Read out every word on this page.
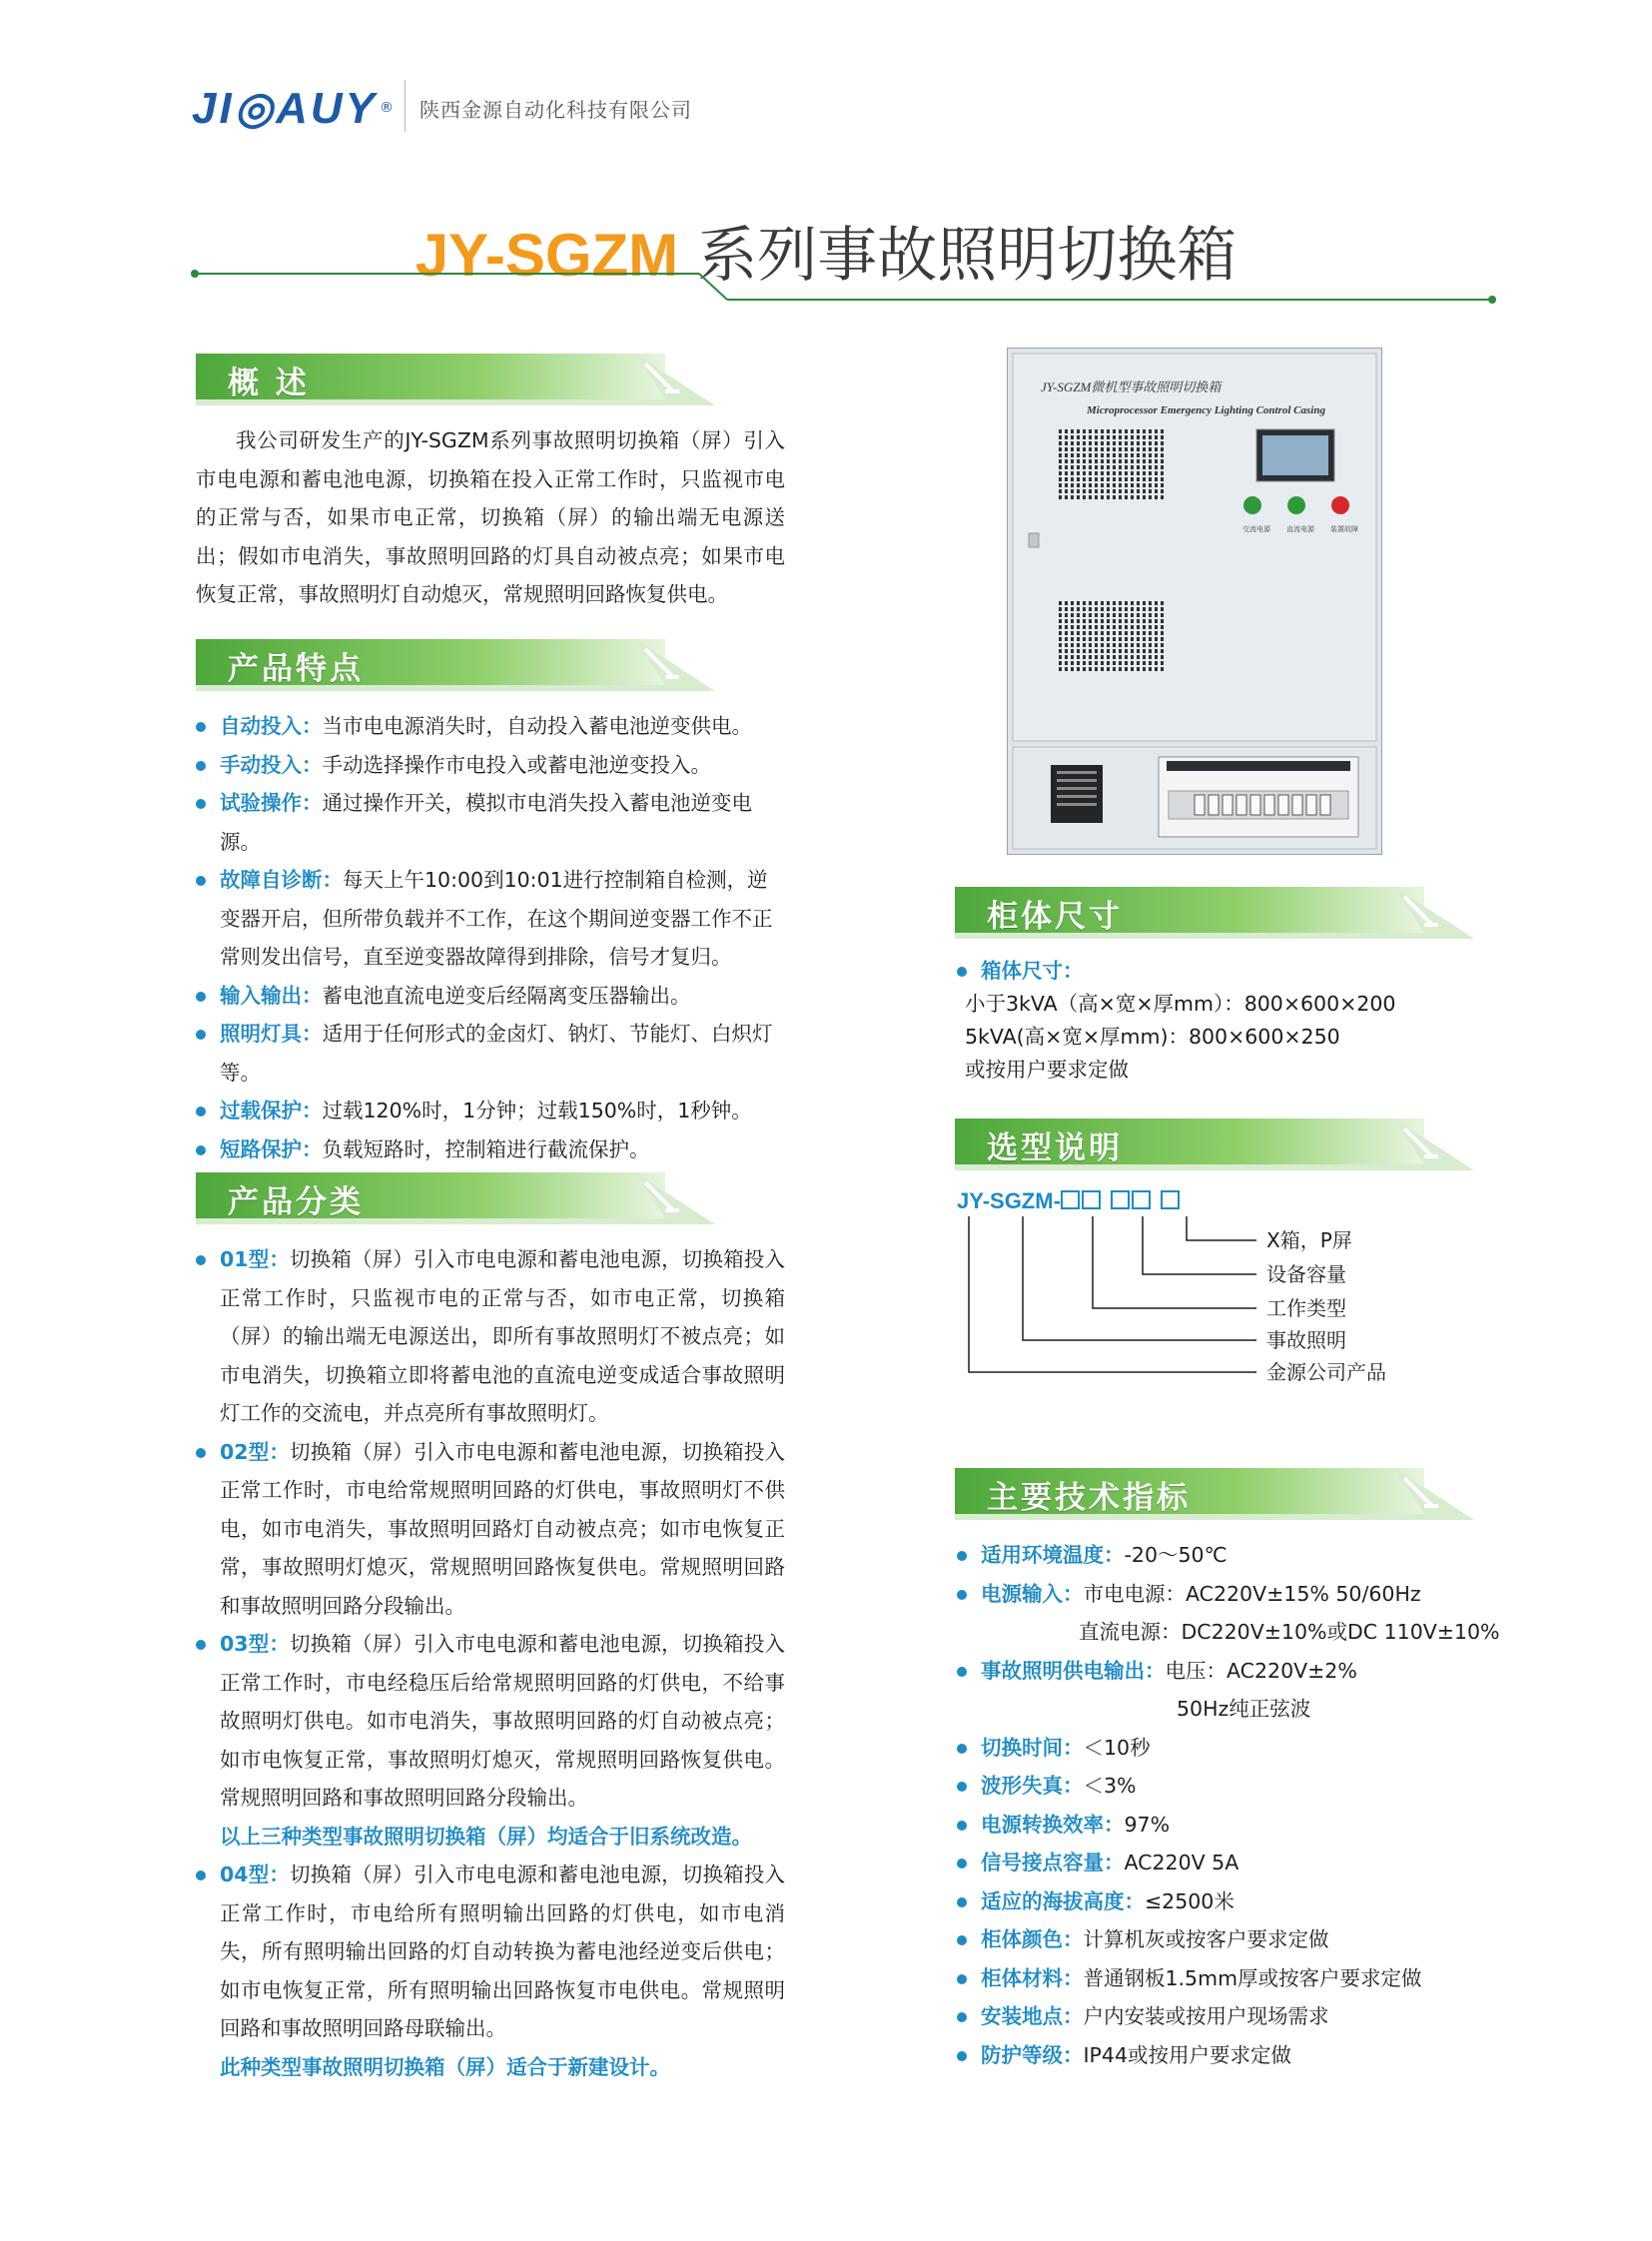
JI◎AUY ® 陕西金源自动化科技有限公司
JY-SGZM 系列事故照明切换箱
概 述
我公司研发生产的JY-SGZM系列事故照明切换箱（屏）引入市电电源和蓄电池电源，切换箱在投入正常工作时，只监视市电的正常与否，如果市电正常，切换箱（屏）的输出端无电源送出；假如市电消失，事故照明回路的灯具自动被点亮；如果市电恢复正常，事故照明灯自动熄灭，常规照明回路恢复供电。
产品特点
自动投入：当市电电源消失时，自动投入蓄电池逆变供电。
手动投入：手动选择操作市电投入或蓄电池逆变投入。
试验操作：通过操作开关，模拟市电消失投入蓄电池逆变电源。
故障自诊断：每天上午10:00到10:01进行控制箱自检测，逆变器开启，但所带负载并不工作，在这个期间逆变器工作不正常则发出信号，直至逆变器故障得到排除，信号才复归。
输入输出：蓄电池直流电逆变后经隔离变压器输出。
照明灯具：适用于任何形式的金卤灯、钠灯、节能灯、白炽灯等。
过载保护：过载120%时，1分钟；过载150%时，1秒钟。
短路保护：负载短路时，控制箱进行截流保护。
产品分类
01型：切换箱（屏）引入市电电源和蓄电池电源，切换箱投入正常工作时，只监视市电的正常与否，如市电正常，切换箱（屏）的输出端无电源送出，即所有事故照明灯不被点亮；如市电消失，切换箱立即将蓄电池的直流电逆变成适合事故照明灯工作的交流电，并点亮所有事故照明灯。
02型：切换箱（屏）引入市电电源和蓄电池电源，切换箱投入正常工作时，市电给常规照明回路的灯供电，事故照明灯不供电，如市电消失，事故照明回路灯自动被点亮；如市电恢复正常，事故照明灯熄灭，常规照明回路恢复供电。常规照明回路和事故照明回路分段输出。
03型：切换箱（屏）引入市电电源和蓄电池电源，切换箱投入正常工作时，市电经稳压后给常规照明回路的灯供电，不给事故照明灯供电。如市电消失，事故照明回路的灯自动被点亮；如市电恢复正常，事故照明灯熄灭，常规照明回路恢复供电。常规照明回路和事故照明回路分段输出。
以上三种类型事故照明切换箱（屏）均适合于旧系统改造。
04型：切换箱（屏）引入市电电源和蓄电池电源，切换箱投入正常工作时，市电给所有照明输出回路的灯供电，如市电消失，所有照明输出回路的灯自动转换为蓄电池经逆变后供电；如市电恢复正常，所有照明输出回路恢复市电供电。常规照明回路和事故照明回路母联输出。
此种类型事故照明切换箱（屏）适合于新建设计。
JY-SGZM微机型事故照明切换箱
Microprocessor Emergency Lighting Control Casing
交流电源 直流电源 装置故障
柜体尺寸
箱体尺寸：
小于3kVA（高×宽×厚mm）：800×600×200
5kVA(高×宽×厚mm)：800×600×250
或按用户要求定做
选型说明
JY-SGZM-
X箱，P屏
设备容量
工作类型
事故照明
金源公司产品
主要技术指标
适用环境温度：-20～50℃
电源输入：市电电源：AC220V±15% 50/60Hz
直流电源：DC220V±10%或DC 110V±10%
事故照明供电输出：电压：AC220V±2%
50Hz纯正弦波
切换时间：＜10秒
波形失真：＜3%
电源转换效率：97%
信号接点容量：AC220V 5A
适应的海拔高度：≤2500米
柜体颜色：计算机灰或按客户要求定做
柜体材料：普通钢板1.5mm厚或按客户要求定做
安装地点：户内安装或按用户现场需求
防护等级：IP44或按用户要求定做
